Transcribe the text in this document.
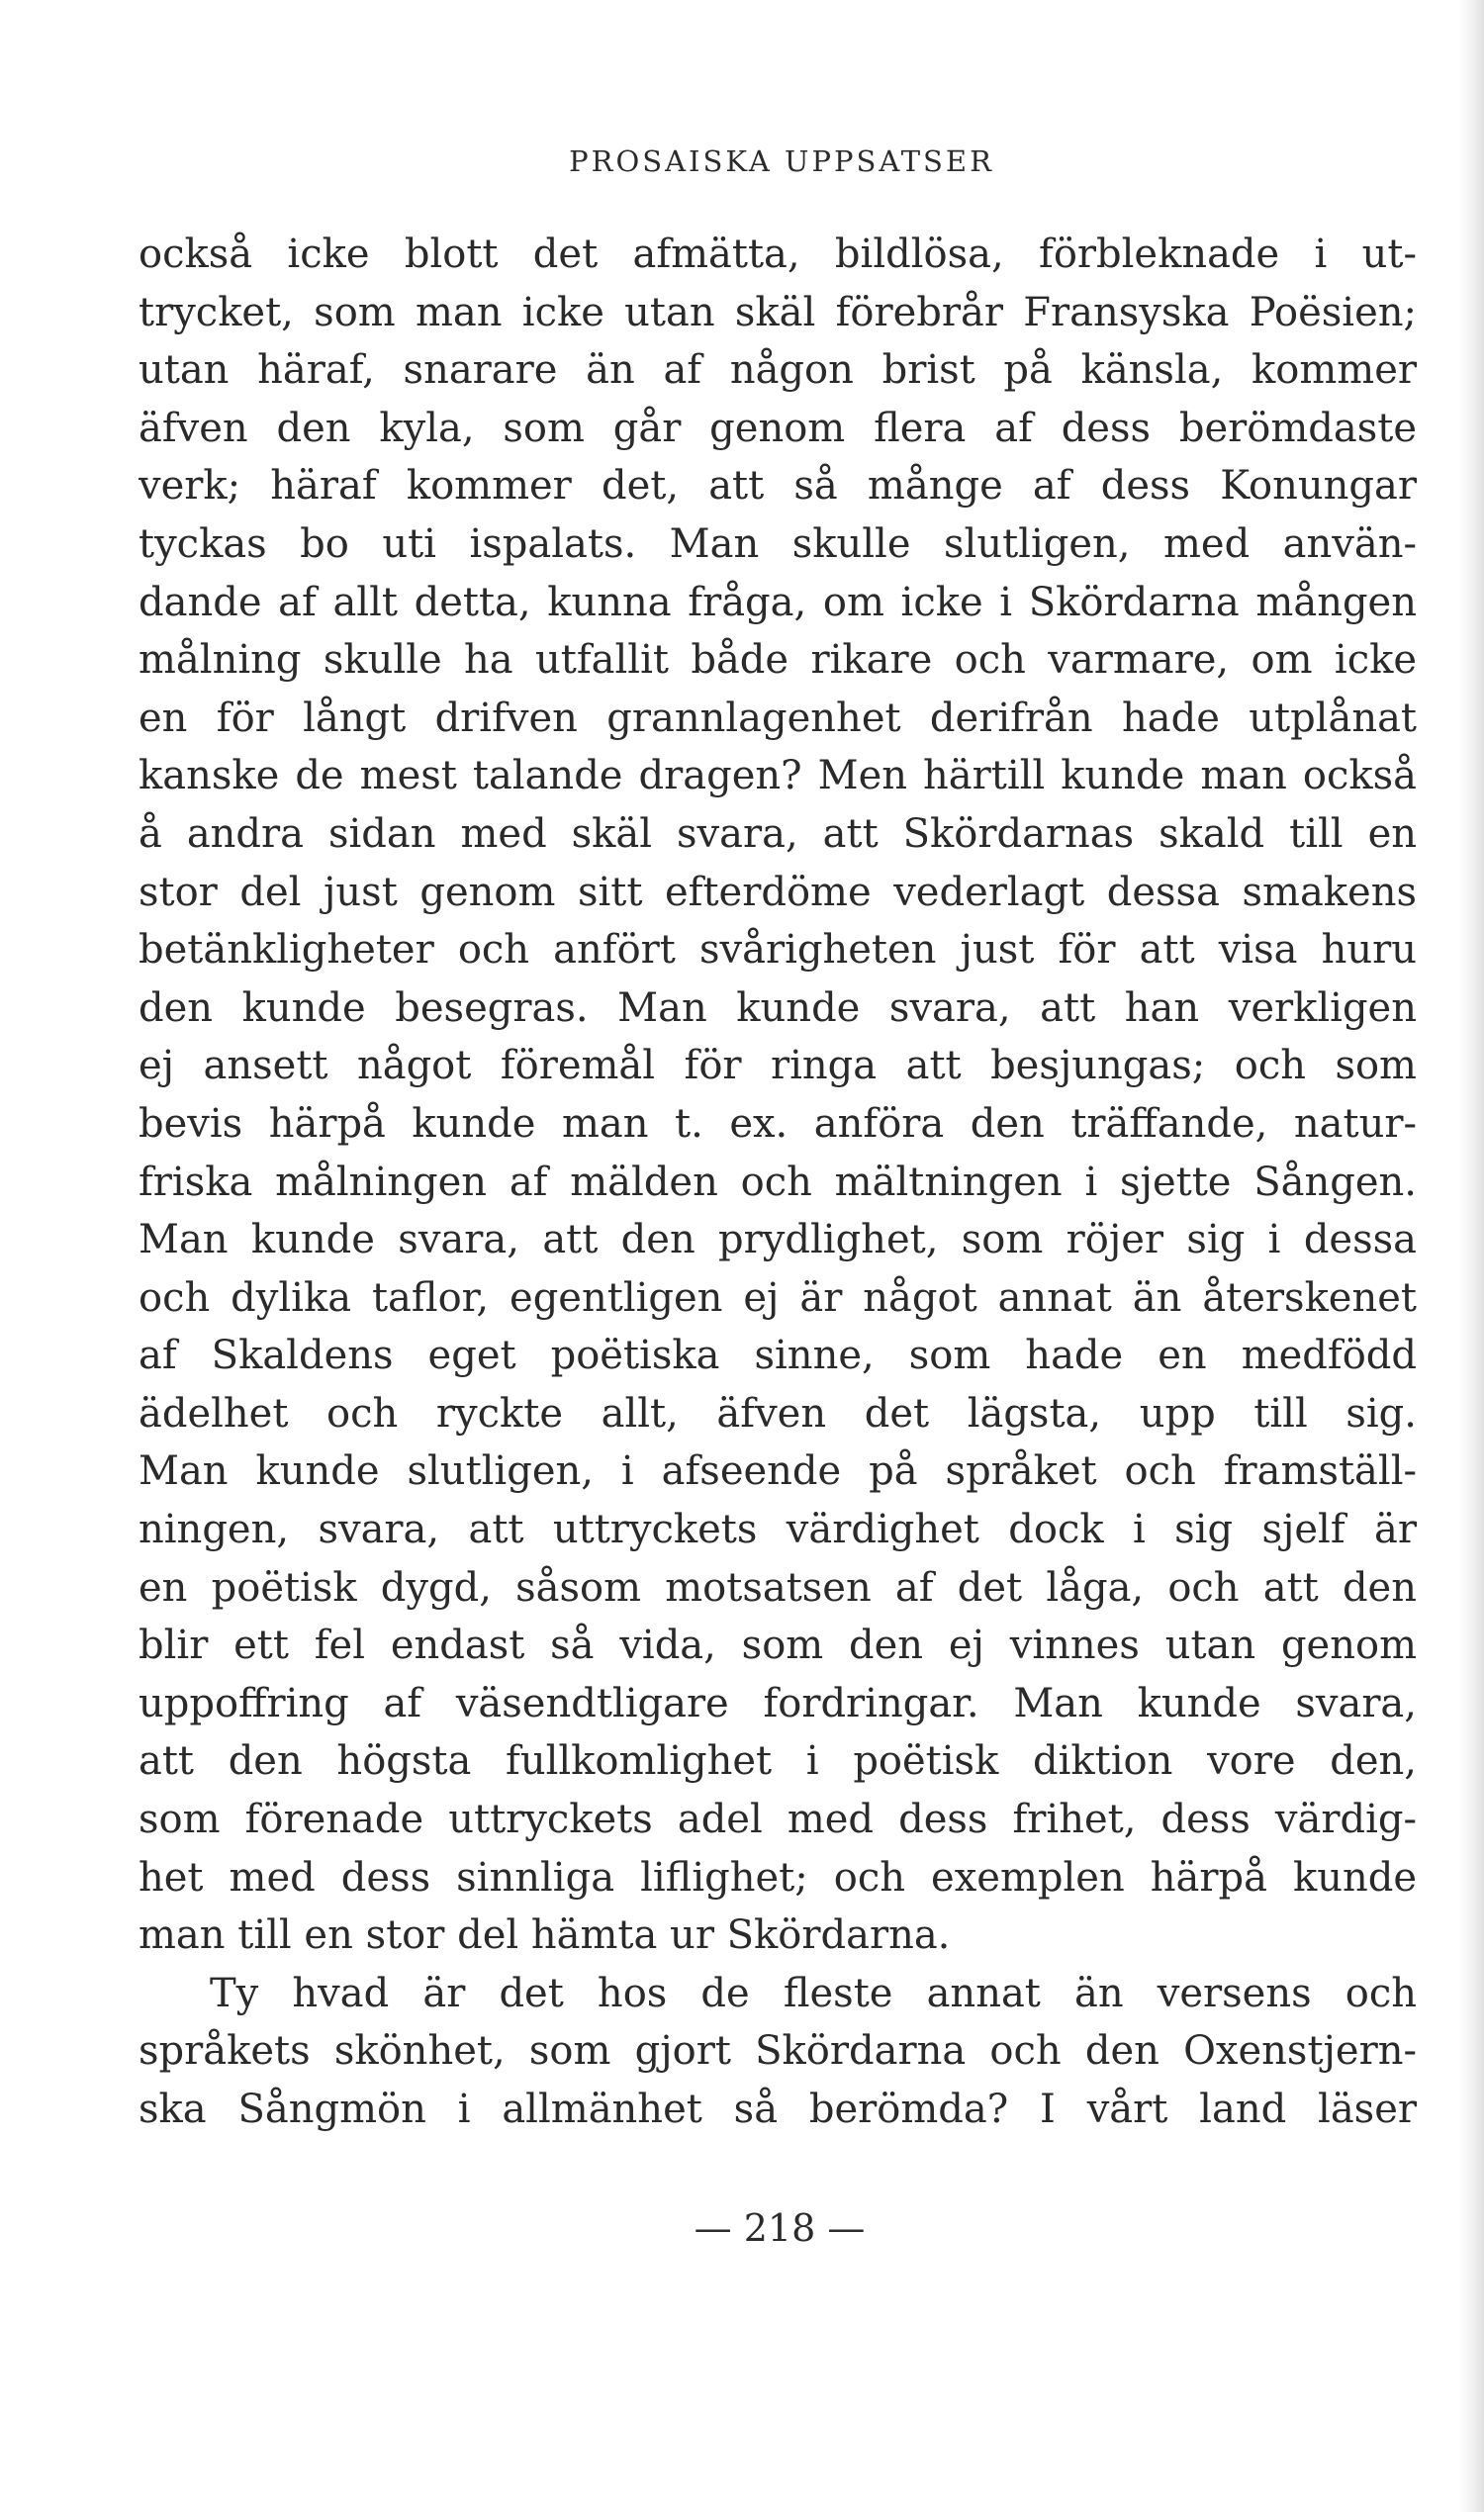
PROSAISKA UPPSATSER
också icke blott det afmätta, bildlösa, förbleknade i ut-
trycket, som man icke utan skäl förebrår Fransyska Poësien;
utan häraf, snarare än af någon brist på känsla, kommer
äfven den kyla, som går genom flera af dess berömdaste
verk; häraf kommer det, att så månge af dess Konungar
tyckas bo uti ispalats. Man skulle slutligen, med använ-
dande af allt detta, kunna fråga, om icke i Skördarna mången
målning skulle ha utfallit både rikare och varmare, om icke
en för långt drifven grannlagenhet derifrån hade utplånat
kanske de mest talande dragen? Men härtill kunde man också
å andra sidan med skäl svara, att Skördarnas skald till en
stor del just genom sitt efterdöme vederlagt dessa smakens
betänkligheter och anfört svårigheten just för att visa huru
den kunde besegras. Man kunde svara, att han verkligen
ej ansett något föremål för ringa att besjungas; och som
bevis härpå kunde man t. ex. anföra den träffande, natur-
friska målningen af mälden och mältningen i sjette Sången.
Man kunde svara, att den prydlighet, som röjer sig i dessa
och dylika taflor, egentligen ej är något annat än återskenet
af Skaldens eget poëtiska sinne, som hade en medfödd
ädelhet och ryckte allt, äfven det lägsta, upp till sig.
Man kunde slutligen, i afseende på språket och framställ-
ningen, svara, att uttryckets värdighet dock i sig sjelf är
en poëtisk dygd, såsom motsatsen af det låga, och att den
blir ett fel endast så vida, som den ej vinnes utan genom
uppoffring af väsendtligare fordringar. Man kunde svara,
att den högsta fullkomlighet i poëtisk diktion vore den,
som förenade uttryckets adel med dess frihet, dess värdig-
het med dess sinnliga liflighet; och exemplen härpå kunde
man till en stor del hämta ur Skördarna.
Ty hvad är det hos de fleste annat än versens och
språkets skönhet, som gjort Skördarna och den Oxenstjern-
ska Sångmön i allmänhet så berömda? I vårt land läser
— 218 —
